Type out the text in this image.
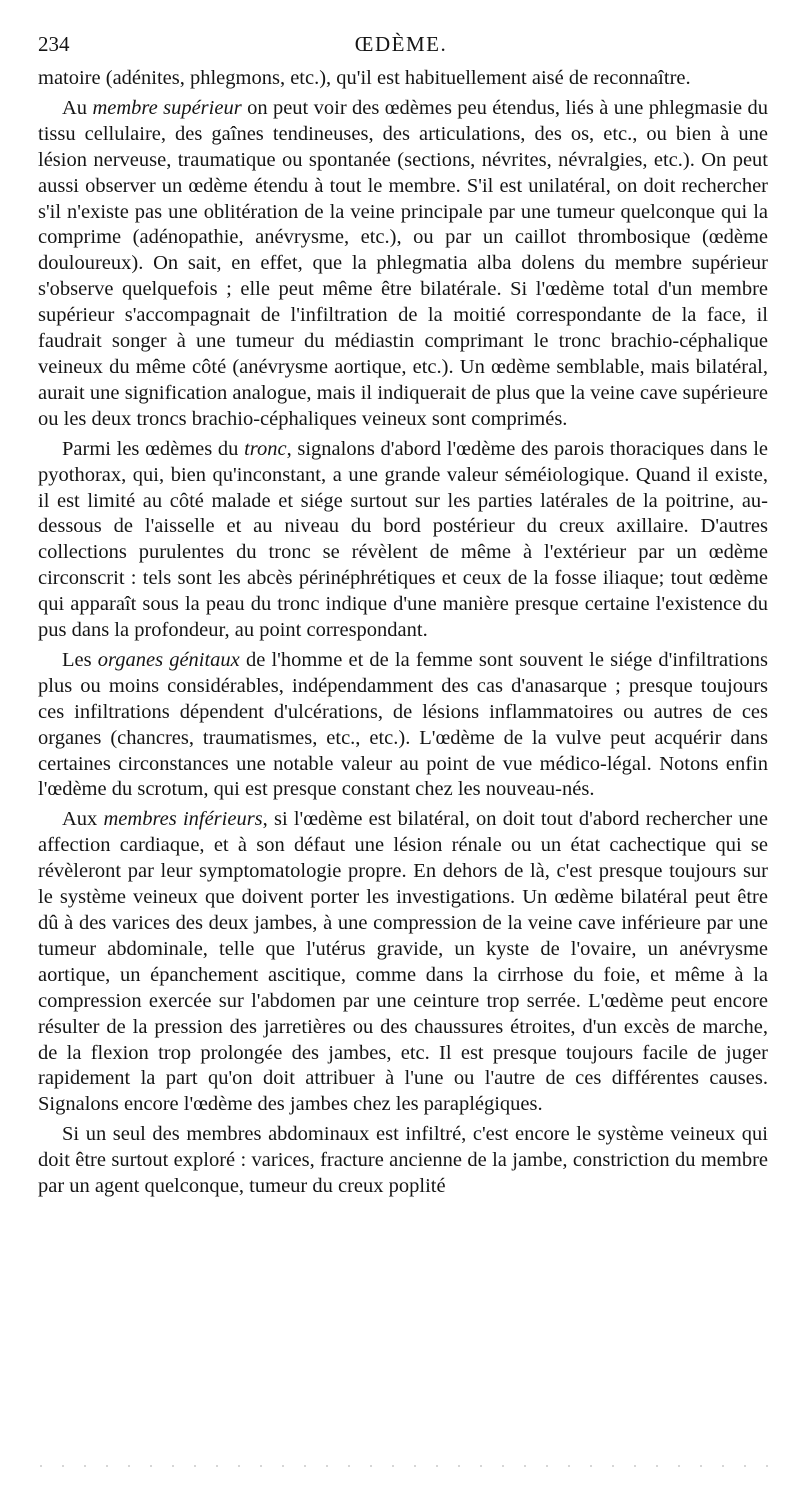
234	ŒDÈME.

matoire (adénites, phlegmons, etc.), qu'il est habituellement aisé de reconnaître.

Au membre supérieur on peut voir des œdèmes peu étendus, liés à une phlegmasie du tissu cellulaire, des gaînes tendineuses, des articulations, des os, etc., ou bien à une lésion nerveuse, traumatique ou spontanée (sections, névrites, névralgies, etc.). On peut aussi observer un œdème étendu à tout le membre. S'il est unilatéral, on doit rechercher s'il n'existe pas une oblitération de la veine principale par une tumeur quelconque qui la comprime (adénopathie, anévrysme, etc.), ou par un caillot thrombosique (œdème douloureux). On sait, en effet, que la phlegmatia alba dolens du membre supérieur s'observe quelquefois ; elle peut même être bilatérale. Si l'œdème total d'un membre supérieur s'accompagnait de l'infiltration de la moitié correspondante de la face, il faudrait songer à une tumeur du médiastin comprimant le tronc brachio-céphalique veineux du même côté (anévrysme aortique, etc.). Un œdème semblable, mais bilatéral, aurait une signification analogue, mais il indiquerait de plus que la veine cave supérieure ou les deux troncs brachio-céphaliques veineux sont comprimés.

Parmi les œdèmes du tronc, signalons d'abord l'œdème des parois thoraciques dans le pyothorax, qui, bien qu'inconstant, a une grande valeur séméiologique. Quand il existe, il est limité au côté malade et siége surtout sur les parties latérales de la poitrine, au-dessous de l'aisselle et au niveau du bord postérieur du creux axillaire. D'autres collections purulentes du tronc se révèlent de même à l'extérieur par un œdème circonscrit : tels sont les abcès périnéphrétiques et ceux de la fosse iliaque; tout œdème qui apparaît sous la peau du tronc indique d'une manière presque certaine l'existence du pus dans la profondeur, au point correspondant.

Les organes génitaux de l'homme et de la femme sont souvent le siége d'infiltrations plus ou moins considérables, indépendamment des cas d'anasarque ; presque toujours ces infiltrations dépendent d'ulcérations, de lésions inflammatoires ou autres de ces organes (chancres, traumatismes, etc., etc.). L'œdème de la vulve peut acquérir dans certaines circonstances une notable valeur au point de vue médico-légal. Notons enfin l'œdème du scrotum, qui est presque constant chez les nouveau-nés.

Aux membres inférieurs, si l'œdème est bilatéral, on doit tout d'abord rechercher une affection cardiaque, et à son défaut une lésion rénale ou un état cachectique qui se révèleront par leur symptomatologie propre. En dehors de là, c'est presque toujours sur le système veineux que doivent porter les investigations. Un œdème bilatéral peut être dû à des varices des deux jambes, à une compression de la veine cave inférieure par une tumeur abdominale, telle que l'utérus gravide, un kyste de l'ovaire, un anévrysme aortique, un épanchement ascitique, comme dans la cirrhose du foie, et même à la compression exercée sur l'abdomen par une ceinture trop serrée. L'œdème peut encore résulter de la pression des jarretières ou des chaussures étroites, d'un excès de marche, de la flexion trop prolongée des jambes, etc. Il est presque toujours facile de juger rapidement la part qu'on doit attribuer à l'une ou l'autre de ces différentes causes. Signalons encore l'œdème des jambes chez les paraplégiques.

Si un seul des membres abdominaux est infiltré, c'est encore le système veineux qui doit être surtout exploré : varices, fracture ancienne de la jambe, constriction du membre par un agent quelconque, tumeur du creux poplité
